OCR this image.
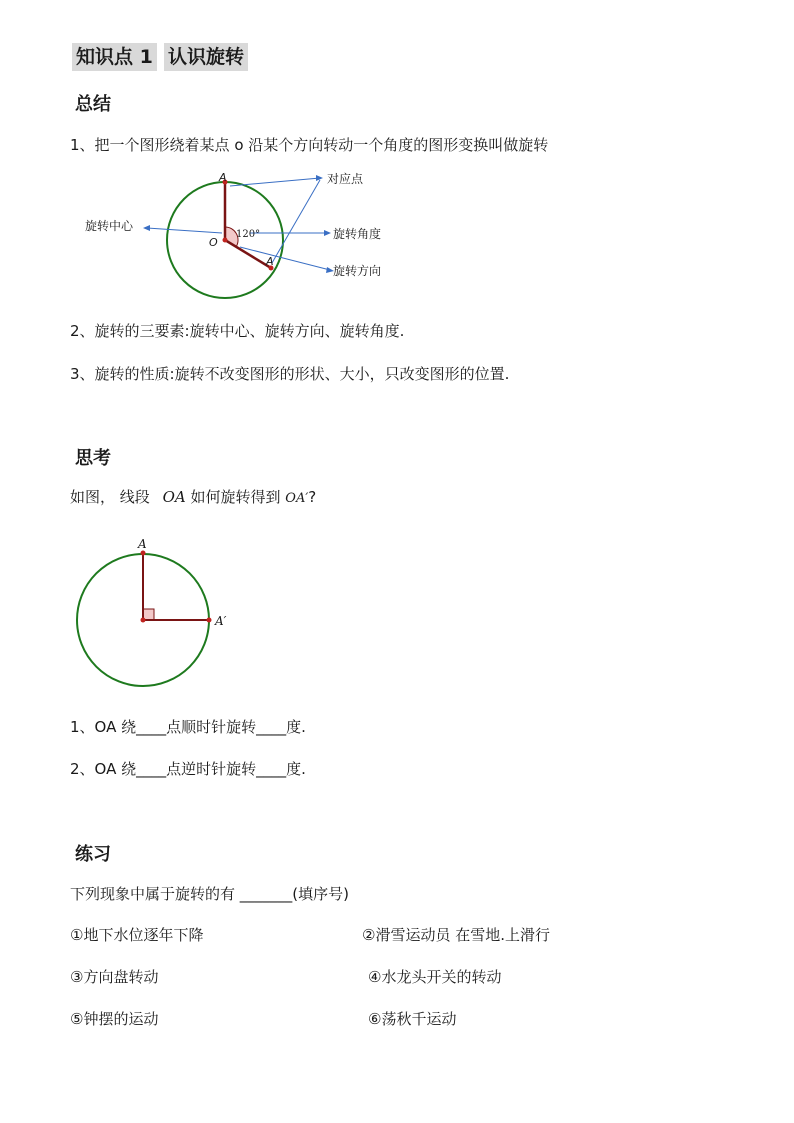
知识点 1 认识旋转
总结
1、把一个图形绕着某点 o 沿某个方向转动一个角度的图形变换叫做旋转
旋转中心
对应点
旋转角度
旋转方向
A
A
O
120°
2、旋转的三要素:旋转中心、旋转方向、旋转角度.
3、旋转的性质:旋转不改变图形的形状、大小，只改变图形的位置.
思考
如图， 线段 OA 如何旋转得到 OA′?
A
A′
1、OA 绕____点顺时针旋转____度.
2、OA 绕____点逆时针旋转____度.
练习
下列现象中属于旋转的有 _______(填序号)
①地下水位逐年下降	②滑雪运动员 在雪地.上滑行
③方向盘转动	④水龙头开关的转动
⑤钟摆的运动	⑥荡秋千运动
